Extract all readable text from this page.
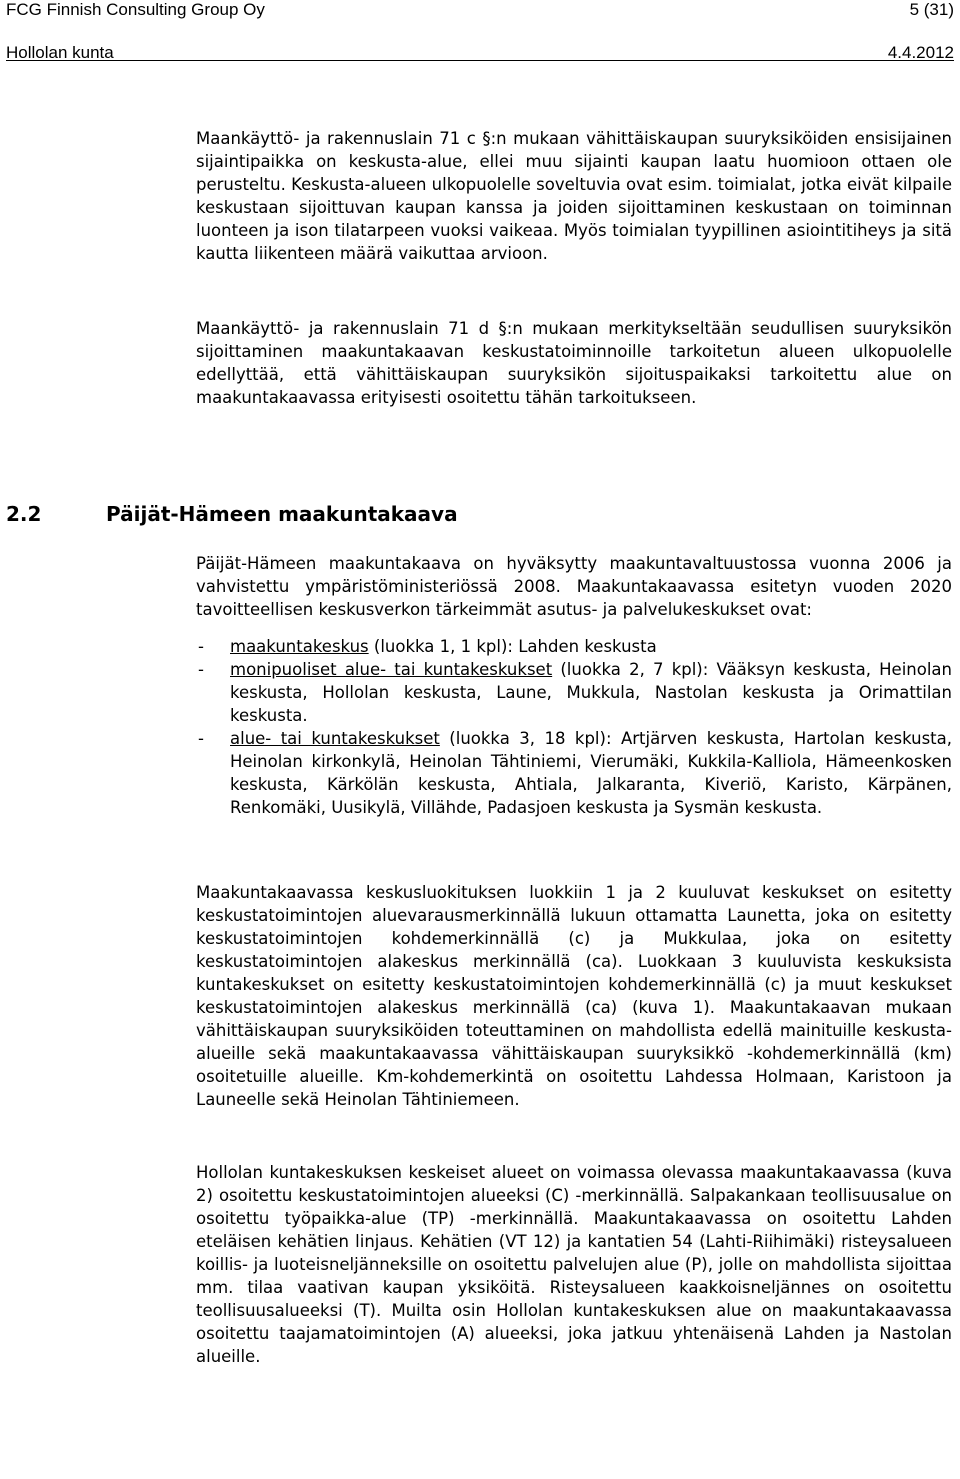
FCG Finnish Consulting Group Oy	5 (31)
Hollolan kunta	4.4.2012

Maankäyttö- ja rakennuslain 71 c §:n mukaan vähittäiskaupan suuryksiköiden ensisijainen sijaintipaikka on keskusta-alue, ellei muu sijainti kaupan laatu huomioon ottaen ole perusteltu. Keskusta-alueen ulkopuolelle soveltuvia ovat esim. toimialat, jotka eivät kilpaile keskustaan sijoittuvan kaupan kanssa ja joiden sijoittaminen keskustaan on toiminnan luonteen ja ison tilatarpeen vuoksi vaikeaa. Myös toimialan tyypillinen asiointitiheys ja sitä kautta liikenteen määrä vaikuttaa arvioon.

Maankäyttö- ja rakennuslain 71 d §:n mukaan merkitykseltään seudullisen suuryksikön sijoittaminen maakuntakaavan keskustatoiminnoille tarkoitetun alueen ulkopuolelle edellyttää, että vähittäiskaupan suuryksikön sijoituspaikaksi tarkoitettu alue on maakuntakaavassa erityisesti osoitettu tähän tarkoitukseen.

2.2	Päijät-Hämeen maakuntakaava

Päijät-Hämeen maakuntakaava on hyväksytty maakuntavaltuustossa vuonna 2006 ja vahvistettu ympäristöministeriössä 2008. Maakuntakaavassa esitetyn vuoden 2020 tavoitteellisen keskusverkon tärkeimmät asutus- ja palvelukeskukset ovat:

- maakuntakeskus (luokka 1, 1 kpl): Lahden keskusta
- monipuoliset alue- tai kuntakeskukset (luokka 2, 7 kpl): Vääksyn keskusta, Heinolan keskusta, Hollolan keskusta, Laune, Mukkula, Nastolan keskusta ja Orimattilan keskusta.
- alue- tai kuntakeskukset (luokka 3, 18 kpl): Artjärven keskusta, Hartolan keskusta, Heinolan kirkonkylä, Heinolan Tähtiniemi, Vierumäki, Kukkila-Kalliola, Hämeenkosken keskusta, Kärkölän keskusta, Ahtiala, Jalkaranta, Kiveriö, Karisto, Kärpänen, Renkomäki, Uusikylä, Villähde, Padasjoen keskusta ja Sysmän keskusta.

Maakuntakaavassa keskusluokituksen luokkiin 1 ja 2 kuuluvat keskukset on esitetty keskustatoimintojen aluevarausmerkinnällä lukuun ottamatta Launetta, joka on esitetty keskustatoimintojen kohdemerkinnällä (c) ja Mukkulaa, joka on esitetty keskustatoimintojen alakeskus merkinnällä (ca). Luokkaan 3 kuuluvista keskuksista kuntakeskukset on esitetty keskustatoimintojen kohdemerkinnällä (c) ja muut keskukset keskustatoimintojen alakeskus merkinnällä (ca) (kuva 1). Maakuntakaavan mukaan vähittäiskaupan suuryksiköiden toteuttaminen on mahdollista edellä mainituille keskusta-alueille sekä maakuntakaavassa vähittäiskaupan suuryksikkö -kohdemerkinnällä (km) osoitetuille alueille. Km-kohdemerkintä on osoitettu Lahdessa Holmaan, Karistoon ja Launeelle sekä Heinolan Tähtiniemeen.

Hollolan kuntakeskuksen keskeiset alueet on voimassa olevassa maakuntakaavassa (kuva 2) osoitettu keskustatoimintojen alueeksi (C) -merkinnällä. Salpakankaan teollisuusalue on osoitettu työpaikka-alue (TP) -merkinnällä. Maakuntakaavassa on osoitettu Lahden eteläisen kehätien linjaus. Kehätien (VT 12) ja kantatien 54 (Lahti-Riihimäki) risteysalueen koillis- ja luoteisneljänneksille on osoitettu palvelujen alue (P), jolle on mahdollista sijoittaa mm. tilaa vaativan kaupan yksiköitä. Risteysalueen kaakkoisneljännes on osoitettu teollisuusalueeksi (T). Muilta osin Hollolan kuntakeskuksen alue on maakuntakaavassa osoitettu taajamatoimintojen (A) alueeksi, joka jatkuu yhtenäisenä Lahden ja Nastolan alueille.
